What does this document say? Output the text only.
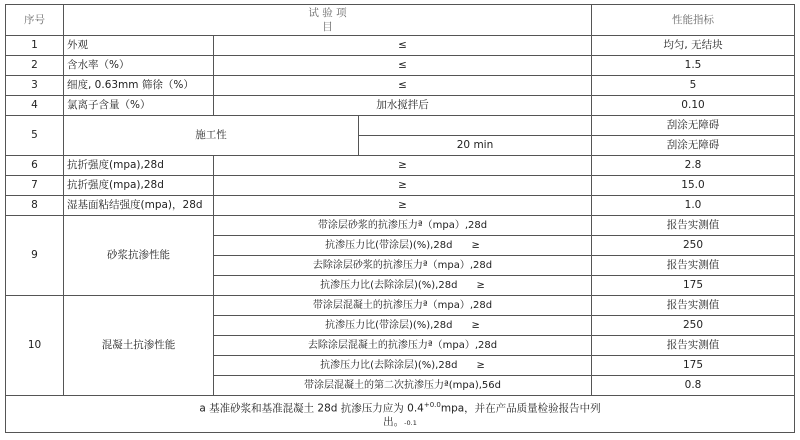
序号	试 验 项
目			性能指标
1	外观	≤		均匀, 无结块
2	含水率（%）	≤		1.5
3	细度, 0.63mm 筛徐（%）	≤		5
4	氯离子含量（%）	加水搅拌后		0.10
5	施工性			刮涂无障碍
			20 min	刮涂无障碍
6	抗折强度(mpa),28d	≥		2.8
7	抗折强度(mpa),28d	≥		15.0
8	湿基面粘结强度(mpa)，28d	≥		1.0
9	砂浆抗渗性能	带涂层砂浆的抗渗压力ª（mpa）,28d		报告实测值
		抗渗压力比(带涂层)(%),28d ≥		250
		去除涂层砂浆的抗渗压力ª（mpa）,28d		报告实测值
		抗渗压力比(去除涂层)(%),28d ≥		175
10	混凝土抗渗性能	带涂层混凝土的抗渗压力ª（mpa）,28d		报告实测值
		抗渗压力比(带涂层)(%),28d ≥		250
		去除涂层混凝土的抗渗压力ª（mpa）,28d		报告实测值
		抗渗压力比(去除涂层)(%),28d ≥		175
		带涂层混凝土的第二次抗渗压力ª(mpa),56d		0.8

a 基准砂浆和基准混凝土 28d 抗渗压力应为 $0.4^{+0.0}mpa$，并在产品质量检验报告中列
出。-0.1				
